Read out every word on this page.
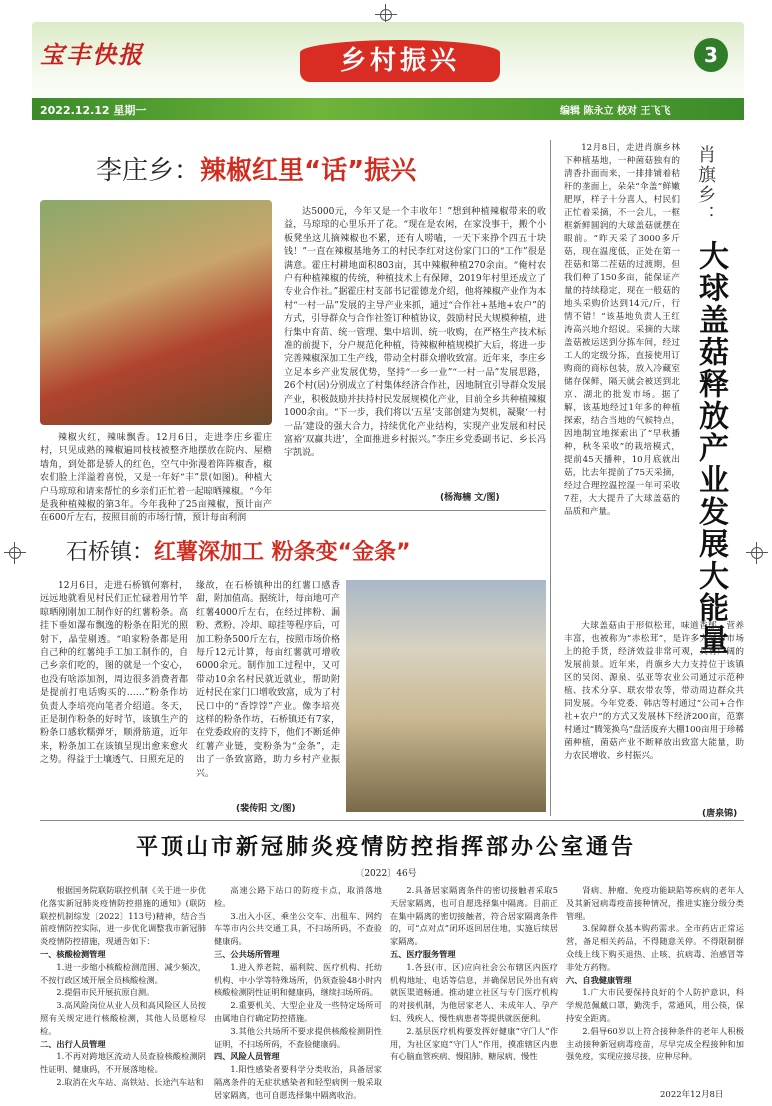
宝丰快报	乡村振兴	3
2022.12.12 星期一	编辑 陈永立 校对 王飞飞
李庄乡：辣椒红里“话”振兴
辣椒火红，辣味飘香。12月6日，走进李庄乡霍庄村，只见成熟的辣椒遍同枝枝被整齐地摆放在院内、屋檐墙角，到处都是骄人的红色，空气中弥漫着阵阵椒香，椒农们脸上洋溢着喜悦，又是一年好“丰”景(如图)。种植大户马琼琼和请来帮忙的乡亲们正忙着一起晾晒辣椒。“今年是我种植辣椒的第3年。今年我种了25亩辣椒，预计亩产在600斤左右，按照目前的市场行情，预计每亩利润
达5000元，今年又是一个丰收年！”想到种植辣椒带来的收益，马琼琼的心里乐开了花。“现在是农闲，在家没事干，搬个小板凳坐这儿摘辣椒也不累，还有人唠嗑，一天下来挣个四五十块钱！”一直在辣椒基地务工的村民李红对这份家门口的“工作”很是满意。霍庄村耕地面积803亩，其中辣椒种植270余亩。“俺村农户有种植辣椒的传统，种植技术上有保障，2019年村里还成立了专业合作社。”据霍庄村支部书记霍德龙介绍，他将辣椒产业作为本村“一村一品”发展的主导产业来抓，通过“合作社+基地+农户”的方式，引导群众与合作社签订种植协议，鼓励村民大规模种植，进行集中育苗、统一管理、集中培训、统一收购，在严格生产技术标准的前提下，分户规范化种植，待辣椒种植规模扩大后，将进一步完善辣椒深加工生产线，带动全村群众增收致富。近年来，李庄乡立足本乡产业发展优势，坚持“一乡一业”“一村一品”发展思路，26个村(居)分别成立了村集体经济合作社，因地制宜引导群众发展产业，积极鼓励并扶持村民发展规模化产业，目前全乡共种植辣椒1000余亩。“下一步，我们将以‘五星’支部创建为契机，凝聚‘一村一品’建设的强大合力，持续优化产业结构，实现产业发展和村民富裕‘双赢共进’，全面推进乡村振兴。”李庄乡党委副书记、乡长冯宇凯说。
(杨海楠 文/图)
石桥镇：红薯深加工 粉条变“金条”
12月6日，走进石桥镇何寨村，远远地就看见村民们正忙碌着用竹竿晾晒刚刚加工制作好的红薯粉条。高挂下垂如瀑布飘逸的粉条在阳光的照射下，晶莹剔透。“咱家粉条都是用自己种的红薯纯手工加工制作的，自己乡亲们吃的，图的就是一个安心，也没有啥添加剂，周边很多消费者都是提前打电话购买的……”粉条作坊负责人李培亮向笔者介绍道。冬天，正是制作粉条的好时节，该镇生产的粉条口感软糯弹牙，顺滑筋道，近年来，粉条加工在该镇呈现出愈来愈火之势。得益于土壤透气、日照充足的
缘故，在石桥镇种出的红薯口感香甜，附加值高。据统计，每亩地可产红薯4000斤左右，在经过摔粉、漏粉、煮粉、冷却、晾挂等程序后，可加工粉条500斤左右，按照市场价格每斤12元计算，每亩红薯就可增收6000余元。制作加工过程中，又可带动10余名村民就近就业，帮助附近村民在家门口增收致富，成为了村民口中的“香饽饽”产业。像李培亮这样的粉条作坊，石桥镇还有7家，在党委政府的支持下，他们不断延伸红薯产业链，变粉条为“金条”，走出了一条致富路，助力乡村产业振兴。
(裴传阳 文/图)
12月8日，走进肖旗乡林下种植基地，一种菌菇独有的清香扑面而来，一排排铺着秸秆的垄面上，朵朵“伞盖”鲜嫩肥厚，样子十分喜人，村民们正忙着采摘，不一会儿，一框框新鲜圆润的大球盖菇就摆在眼前。“昨天采了3000多斤菇，现在温度低，正处在第一茬菇和第二茬菇的过渡期，但我们种了150多亩，能保证产量的持续稳定，现在一般菇的地头采购价达到14元/斤，行情不错！”该基地负责人王红涛高兴地介绍说。采摘的大球盖菇被运送到分拣车间，经过工人的定级分拣，直接使用订购商的商标包装，放入冷藏室储存保鲜，隔天就会被送到北京、湖北的批发市场。据了解，该基地经过1年多的种植探索，结合当地的气候特点，因地制宜地探索出了“早秋播种，秋冬采收”的栽培模式，提前45天播种，10月底就出菇，比去年提前了75天采摘，经过合理控温控湿一年可采收7茬，大大提升了大球盖菇的品质和产量。
肖旗乡：
大球盖菇释放产业发展大能量
大球盖菇由于形似松茸，味道香郁，营养丰富，也被称为“赤松茸”，是许多大城市市场上的抢手货，经济效益非常可观，具有广阔的发展前景。近年来，肖旗乡大力支持位于该镇区的吴闵、源泉、弘亚等农业公司通过示范种植、技术分享、联农带农等，带动周边群众共同发展。今年党委、韩店等村通过“公司+合作社+农户”的方式又发展林下经济200亩，范寨村通过“腾笼换鸟”盘活废弃大棚100亩用于珍稀菌种植，菌菇产业不断释放出致富大能量，助力农民增收、乡村振兴。
(唐泉锦)
平顶山市新冠肺炎疫情防控指挥部办公室通告
〔2022〕46号

根据国务院联防联控机制《关于进一步优化落实新冠肺炎疫情防控措施的通知》(联防联控机制综发〔2022〕113号)精神，结合当前疫情防控实际，进一步优化调整我市新冠肺炎疫情防控措施，现通告如下：

一、核酸检测管理

1.进一步缩小核酸检测范围、减少频次，不按行政区域开展全员核酸检测。

2.提倡市民开展抗原自测。

3.高风险岗位从业人员和高风险区人员按照有关规定进行核酸检测，其他人员愿检尽检。

二、出行人员管理

1.不再对跨地区流动人员查验核酸检测阴性证明、健康码，不开展落地检。

2.取消在火车站、高铁站、长途汽车站和

高速公路下站口的防疫卡点，取消落地检。

3.出入小区、乘坐公交车、出租车、网约车等市内公共交通工具，不扫场所码，不查验健康码。

三、公共场所管理

1.进入养老院、福利院、医疗机构、托幼机构、中小学等特殊场所，仍须查验48小时内核酸检测阴性证明和健康码，继续扫场所码。

2.重要机关、大型企业及一些特定场所可由属地自行确定防控措施。

3.其他公共场所不要求提供核酸检测阴性证明，不扫场所码，不查验健康码。

四、风险人员管理

1.阳性感染者要科学分类收治，具备居家隔离条件的无症状感染者和轻型病例一般采取居家隔离，也可自愿选择集中隔离收治。

2.具备居家隔离条件的密切接触者采取5天居家隔离，也可自愿选择集中隔离。目前正在集中隔离的密切接触者，符合居家隔离条件的，可“点对点”闭环返回居住地，实施后续居家隔离。

五、医疗服务管理

1.各县(市、区)应向社会公布辖区内医疗机构地址、电话等信息，并确保居民外出有病就医渠道畅通。推动建立社区与专门医疗机构的对接机制，为他居家老人、未成年人、孕产妇、残疾人、慢性病患者等提供就医便利。

2.基层医疗机构要发挥好健康“守门人”作用，为社区家庭“守门人”作用，摸准辖区内患有心脑血管疾病、慢阻肺、糖尿病、慢性

肾病、肿瘤、免疫功能缺陷等疾病的老年人及其新冠病毒疫苗接种情况，推进实施分级分类管理。

3.保障群众基本购药需求。全市药店正常运营，备足相关药品，不得随意关停。不得限制群众线上线下购买退热、止咳、抗病毒、治感冒等非处方药物。

六、自我健康管理

1.广大市民要保持良好的个人防护意识，科学规范佩戴口罩，勤洗手，常通风，用公筷，保持安全距离。

2.倡导60岁以上符合接种条件的老年人积极主动接种新冠病毒疫苗，尽早完成全程接种和加强免疫，实现应接尽接、应种尽种。

2022年12月8日
